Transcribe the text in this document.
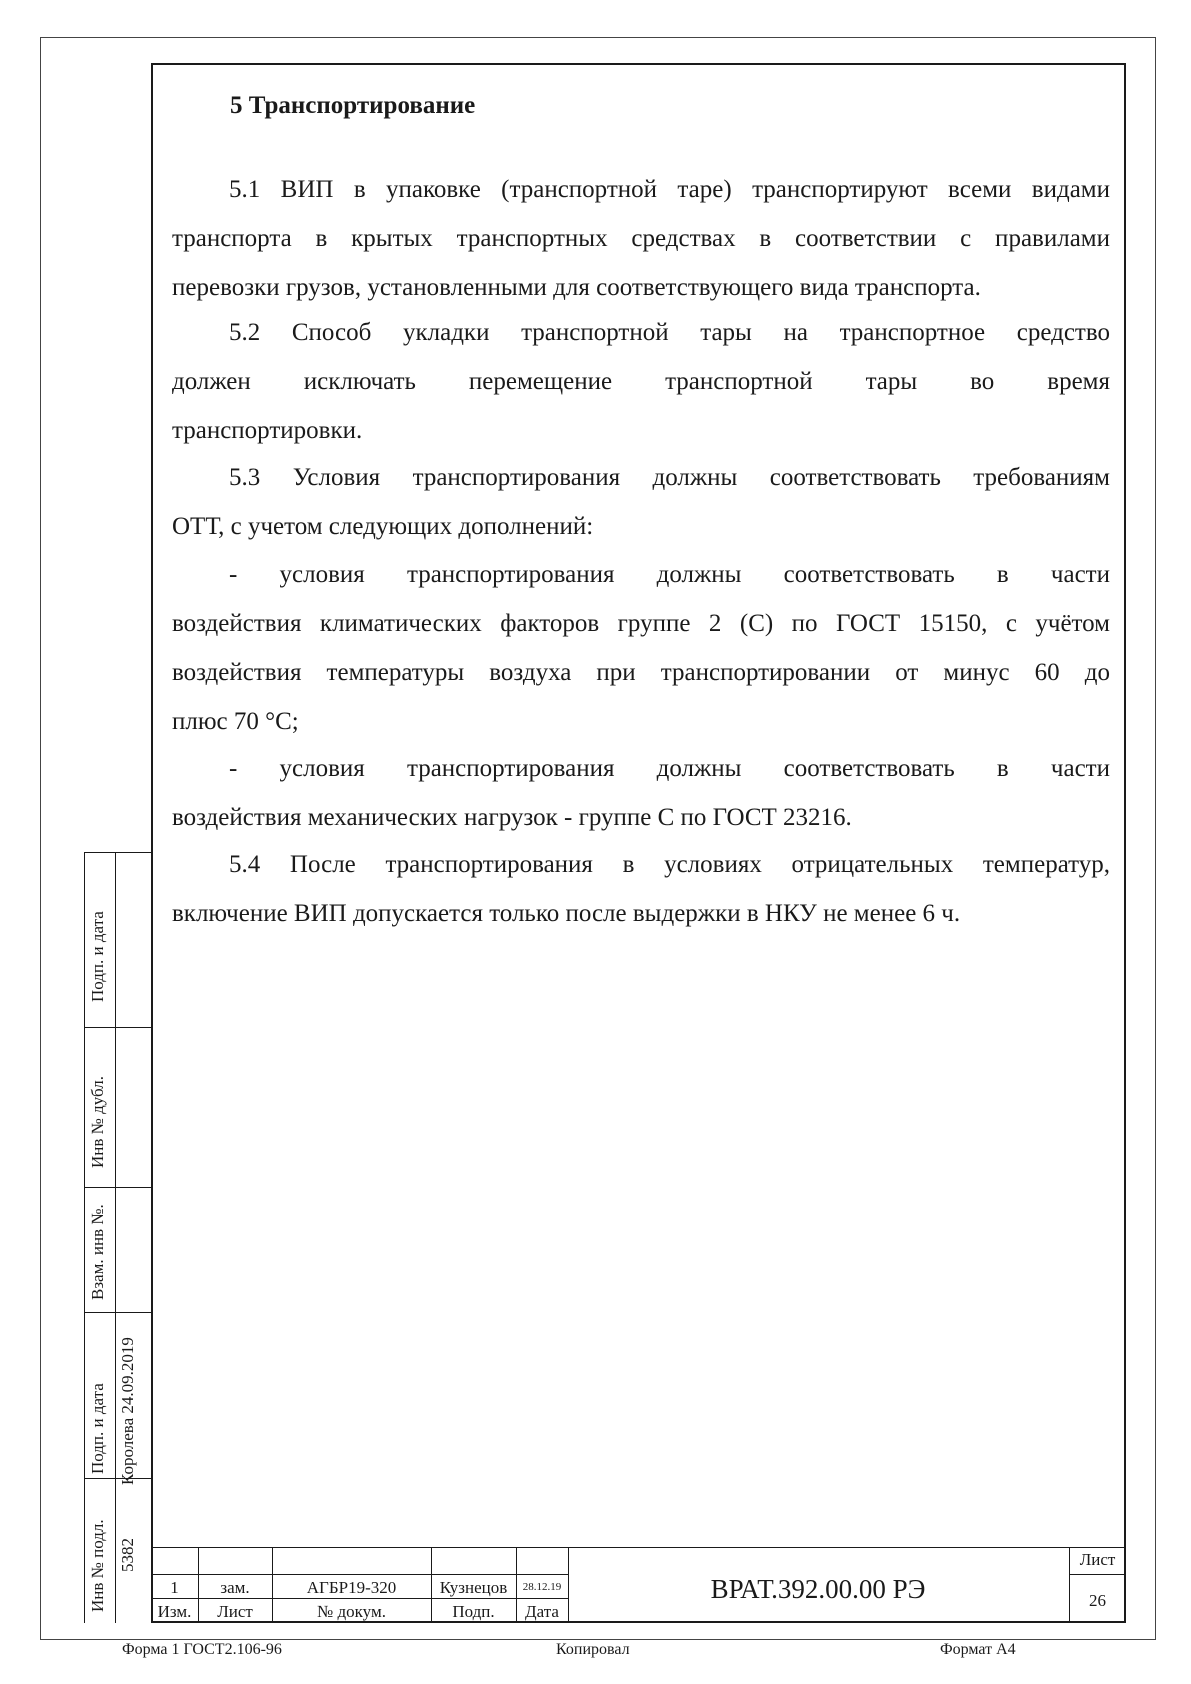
5 Транспортирование
5.1 ВИП в упаковке (транспортной таре) транспортируют всеми видами
транспорта в крытых транспортных средствах в соответствии с правилами
перевозки грузов, установленными для соответствующего вида транспорта.
5.2 Способ укладки транспортной тары на транспортное средство
должен исключать перемещение транспортной тары во время
транспортировки.
5.3 Условия транспортирования должны соответствовать требованиям
ОТТ, с учетом следующих дополнений:
- условия транспортирования должны соответствовать в части
воздействия климатических факторов группе 2 (С) по ГОСТ 15150, с учётом
воздействия температуры воздуха при транспортировании от минус 60 до
плюс 70 °С;
- условия транспортирования должны соответствовать в части
воздействия механических нагрузок - группе С по ГОСТ 23216.
5.4 После транспортирования в условиях отрицательных температур,
включение ВИП допускается только после выдержки в НКУ не менее 6 ч.
Подп. и дата
Инв № дубл.
Взам. инв №.
Подп. и дата Королева 24.09.2019
Инв № подл. 5382
1	зам.	АГБР19-320	Кузнецов	28.12.19
Изм.	Лист	№ докум.	Подп.	Дата
ВРАТ.392.00.00 РЭ
Лист
26
Форма 1 ГОСТ2.106-96	Копировал	Формат А4
